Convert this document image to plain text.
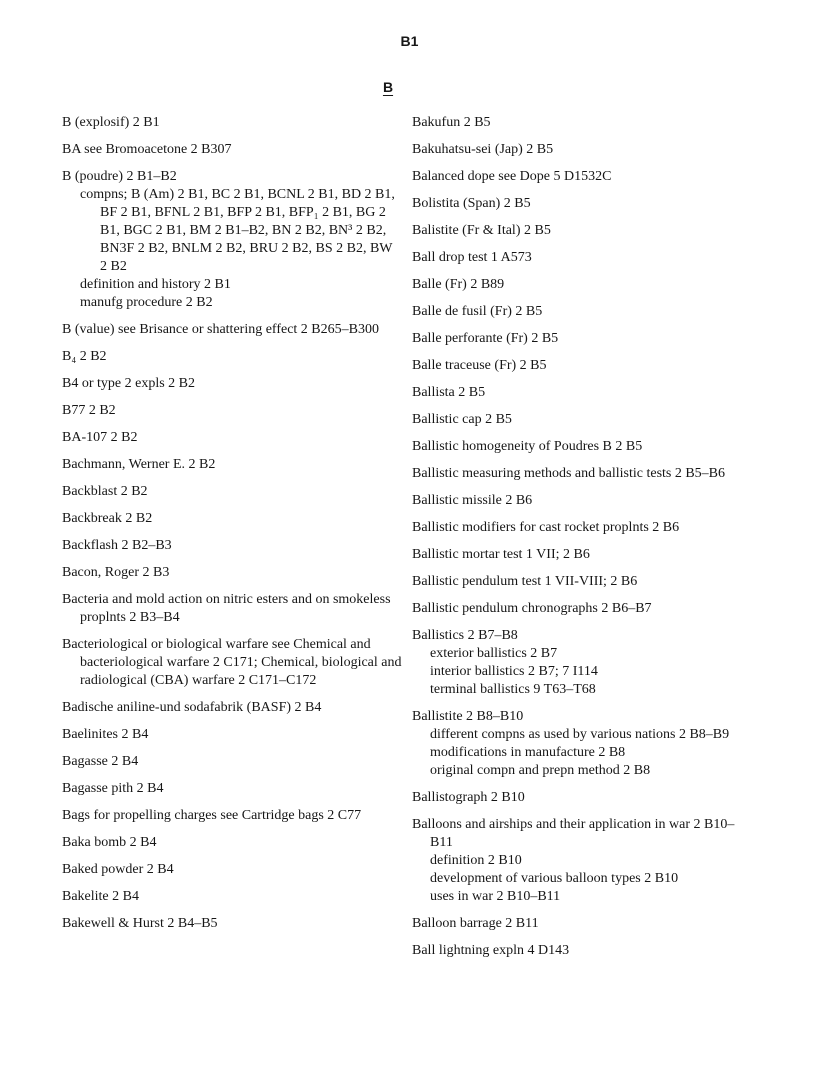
B1
B
B (explosif) 2 B1
BA see Bromoacetone 2 B307
B (poudre) 2 B1–B2
compns; B (Am) 2 B1, BC 2 B1, BCNL 2 B1, BD 2 B1, BF 2 B1, BFNL 2 B1, BFP 2 B1, BFP₁ 2 B1, BG 2 B1, BGC 2 B1, BM 2 B1–B2, BN 2 B2, BN³ 2 B2, BN3F 2 B2, BNLM 2 B2, BRU 2 B2, BS 2 B2, BW 2 B2
definition and history 2 B1
manufg procedure 2 B2
B (value) see Brisance or shattering effect 2 B265–B300
B₄ 2 B2
B4 or type 2 expls 2 B2
B77 2 B2
BA-107 2 B2
Bachmann, Werner E. 2 B2
Backblast 2 B2
Backbreak 2 B2
Backflash 2 B2–B3
Bacon, Roger 2 B3
Bacteria and mold action on nitric esters and on smokeless proplnts 2 B3–B4
Bacteriological or biological warfare see Chemical and bacteriological warfare 2 C171; Chemical, biological and radiological (CBA) warfare 2 C171–C172
Badische aniline-und sodafabrik (BASF) 2 B4
Baelinites 2 B4
Bagasse 2 B4
Bagasse pith 2 B4
Bags for propelling charges see Cartridge bags 2 C77
Baka bomb 2 B4
Baked powder 2 B4
Bakelite 2 B4
Bakewell & Hurst 2 B4–B5
Bakufun 2 B5
Bakuhatsu-sei (Jap) 2 B5
Balanced dope see Dope 5 D1532C
Bolistita (Span) 2 B5
Balistite (Fr & Ital) 2 B5
Ball drop test 1 A573
Balle (Fr) 2 B89
Balle de fusil (Fr) 2 B5
Balle perforante (Fr) 2 B5
Balle traceuse (Fr) 2 B5
Ballista 2 B5
Ballistic cap 2 B5
Ballistic homogeneity of Poudres B 2 B5
Ballistic measuring methods and ballistic tests 2 B5–B6
Ballistic missile 2 B6
Ballistic modifiers for cast rocket proplnts 2 B6
Ballistic mortar test 1 VII; 2 B6
Ballistic pendulum test 1 VII-VIII; 2 B6
Ballistic pendulum chronographs 2 B6–B7
Ballistics 2 B7–B8
exterior ballistics 2 B7
interior ballistics 2 B7; 7 I114
terminal ballistics 9 T63–T68
Ballistite 2 B8–B10
different compns as used by various nations 2 B8–B9
modifications in manufacture 2 B8
original compn and prepn method 2 B8
Ballistograph 2 B10
Balloons and airships and their application in war 2 B10–B11
definition 2 B10
development of various balloon types 2 B10
uses in war 2 B10–B11
Balloon barrage 2 B11
Ball lightning expln 4 D143
